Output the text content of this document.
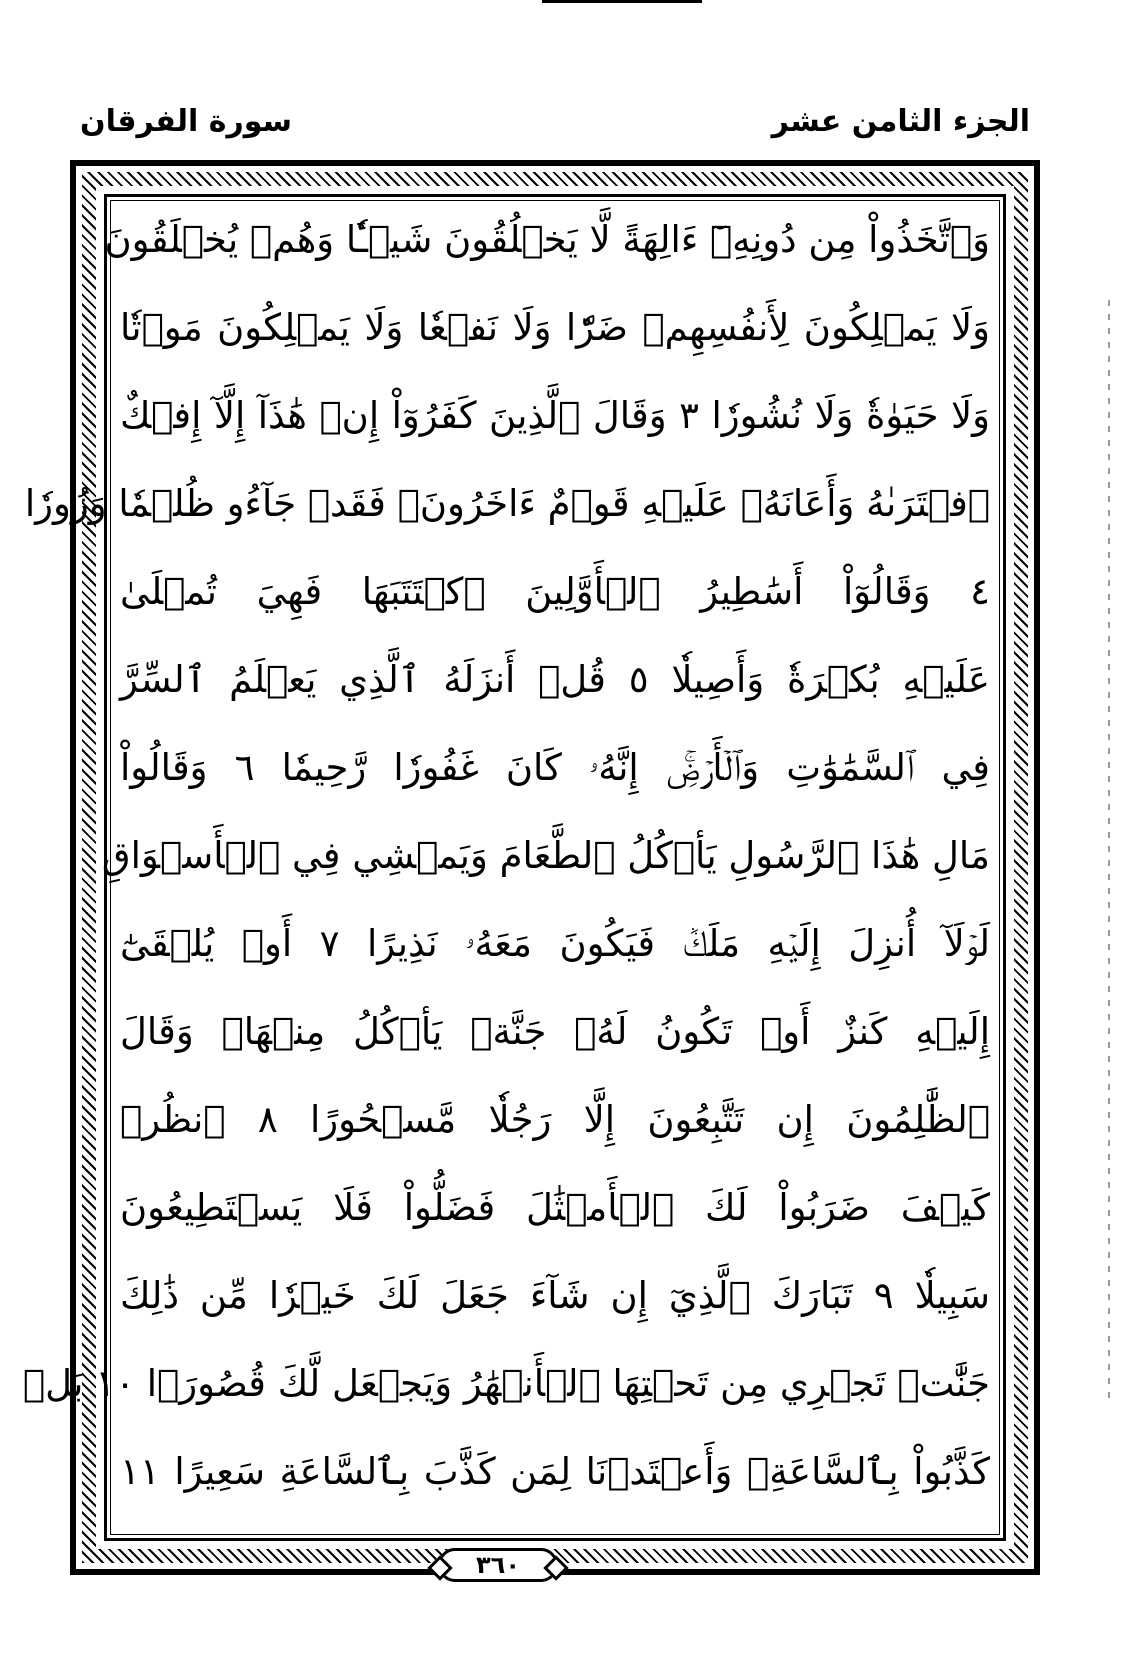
سورة الفرقان	الجزء الثامن عشر
وَٱتَّخَذُواْ مِن دُونِهِۦٓ ءَالِهَةً لَّا يَخۡلُقُونَ شَيۡـٔٗا وَهُمۡ يُخۡلَقُونَ
وَلَا يَمۡلِكُونَ لِأَنفُسِهِمۡ ضَرّٗا وَلَا نَفۡعٗا وَلَا يَمۡلِكُونَ مَوۡتٗا
وَلَا حَيَوٰةٗ وَلَا نُشُورٗا ٣ وَقَالَ ٱلَّذِينَ كَفَرُوٓاْ إِنۡ هَٰذَآ إِلَّآ إِفۡكٌ
ٱفۡتَرَىٰهُ وَأَعَانَهُۥ عَلَيۡهِ قَوۡمٌ ءَاخَرُونَۖ فَقَدۡ جَآءُو ظُلۡمٗا وَزُورٗا
٤ وَقَالُوٓاْ أَسَٰطِيرُ ٱلۡأَوَّلِينَ ٱكۡتَتَبَهَا فَهِيَ تُمۡلَىٰ
عَلَيۡهِ بُكۡرَةٗ وَأَصِيلٗا ٥ قُلۡ أَنزَلَهُ ٱلَّذِي يَعۡلَمُ ٱلسِّرَّ
فِي ٱلسَّمَٰوَٰتِ وَٱلۡأَرۡضِۚ إِنَّهُۥ كَانَ غَفُورٗا رَّحِيمٗا ٦ وَقَالُواْ
مَالِ هَٰذَا ٱلرَّسُولِ يَأۡكُلُ ٱلطَّعَامَ وَيَمۡشِي فِي ٱلۡأَسۡوَاقِ
لَوۡلَآ أُنزِلَ إِلَيۡهِ مَلَكٞ فَيَكُونَ مَعَهُۥ نَذِيرًا ٧ أَوۡ يُلۡقَىٰٓ
إِلَيۡهِ كَنزٌ أَوۡ تَكُونُ لَهُۥ جَنَّةٞ يَأۡكُلُ مِنۡهَاۚ وَقَالَ
ٱلظَّٰلِمُونَ إِن تَتَّبِعُونَ إِلَّا رَجُلٗا مَّسۡحُورًا ٨ ٱنظُرۡ
كَيۡفَ ضَرَبُواْ لَكَ ٱلۡأَمۡثَٰلَ فَضَلُّواْ فَلَا يَسۡتَطِيعُونَ
سَبِيلٗا ٩ تَبَارَكَ ٱلَّذِيٓ إِن شَآءَ جَعَلَ لَكَ خَيۡرٗا مِّن ذَٰلِكَ
جَنَّٰتٖ تَجۡرِي مِن تَحۡتِهَا ٱلۡأَنۡهَٰرُ وَيَجۡعَل لَّكَ قُصُورَۢا ١٠ بَلۡ
كَذَّبُواْ بِٱلسَّاعَةِۖ وَأَعۡتَدۡنَا لِمَن كَذَّبَ بِٱلسَّاعَةِ سَعِيرًا ١١
٣٦٠
